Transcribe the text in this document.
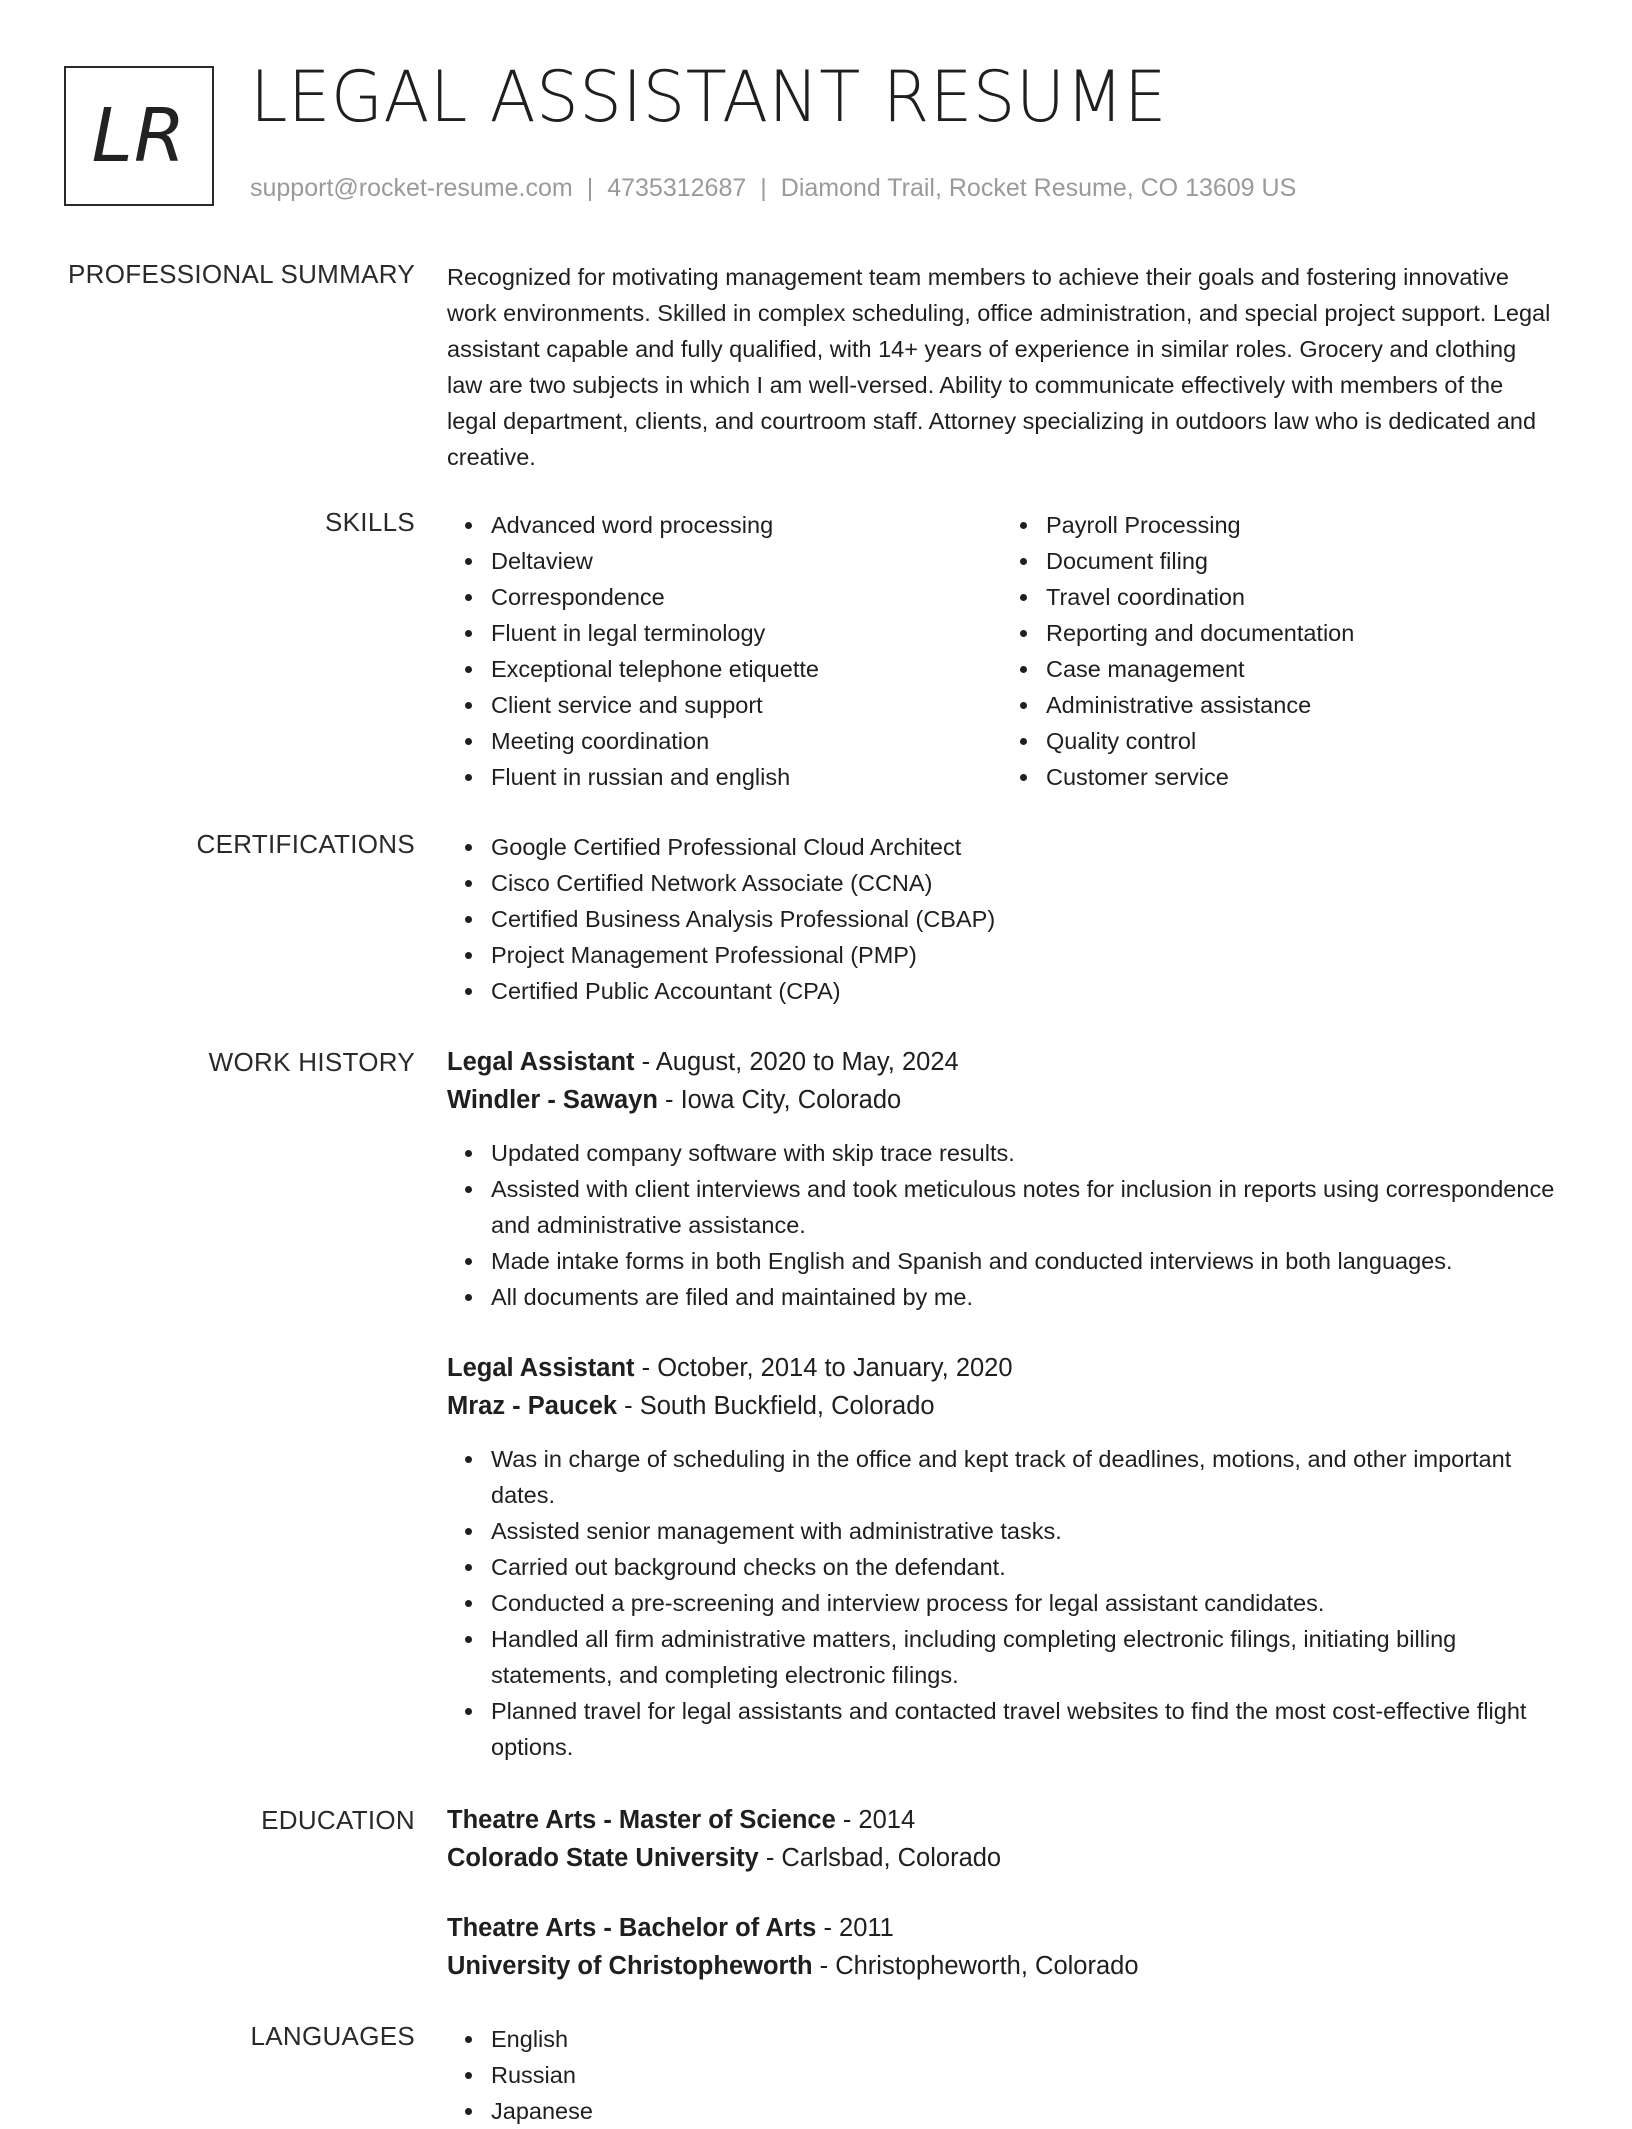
LR LEGAL ASSISTANT RESUME
support@rocket-resume.com | 4735312687 | Diamond Trail, Rocket Resume, CO 13609 US
PROFESSIONAL SUMMARY Recognized for motivating management team members to achieve their goals and fostering innovative work environments. Skilled in complex scheduling, office administration, and special project support. Legal assistant capable and fully qualified, with 14+ years of experience in similar roles. Grocery and clothing law are two subjects in which I am well-versed. Ability to communicate effectively with members of the legal department, clients, and courtroom staff. Attorney specializing in outdoors law who is dedicated and creative.

SKILLS	Advanced word processing
Deltaview
Correspondence
Fluent in legal terminology
Exceptional telephone etiquette
Client service and support
Meeting coordination
Fluent in russian and english
Payroll Processing
Document filing
Travel coordination
Reporting and documentation
Case management
Administrative assistance
Quality control
Customer service
CERTIFICATIONS	Google Certified Professional Cloud Architect
Cisco Certified Network Associate (CCNA)
Certified Business Analysis Professional (CBAP)
Project Management Professional (PMP)
Certified Public Accountant (CPA)
WORK HISTORY Legal Assistant - August, 2020 to May, 2024
Windler - Sawayn - Iowa City, Colorado
Updated company software with skip trace results.
Assisted with client interviews and took meticulous notes for inclusion in reports using correspondence and administrative assistance.
Made intake forms in both English and Spanish and conducted interviews in both languages.
All documents are filed and maintained by me.
Legal Assistant - October, 2014 to January, 2020
Mraz - Paucek - South Buckfield, Colorado
Was in charge of scheduling in the office and kept track of deadlines, motions, and other important dates.
Assisted senior management with administrative tasks.
Carried out background checks on the defendant.
Conducted a pre-screening and interview process for legal assistant candidates.
Handled all firm administrative matters, including completing electronic filings, initiating billing statements, and completing electronic filings.
Planned travel for legal assistants and contacted travel websites to find the most cost-effective flight options.
EDUCATION Theatre Arts - Master of Science - 2014
Colorado State University - Carlsbad, Colorado
Theatre Arts - Bachelor of Arts - 2011
University of Christopheworth - Christopheworth, Colorado
LANGUAGES	English
Russian
Japanese
